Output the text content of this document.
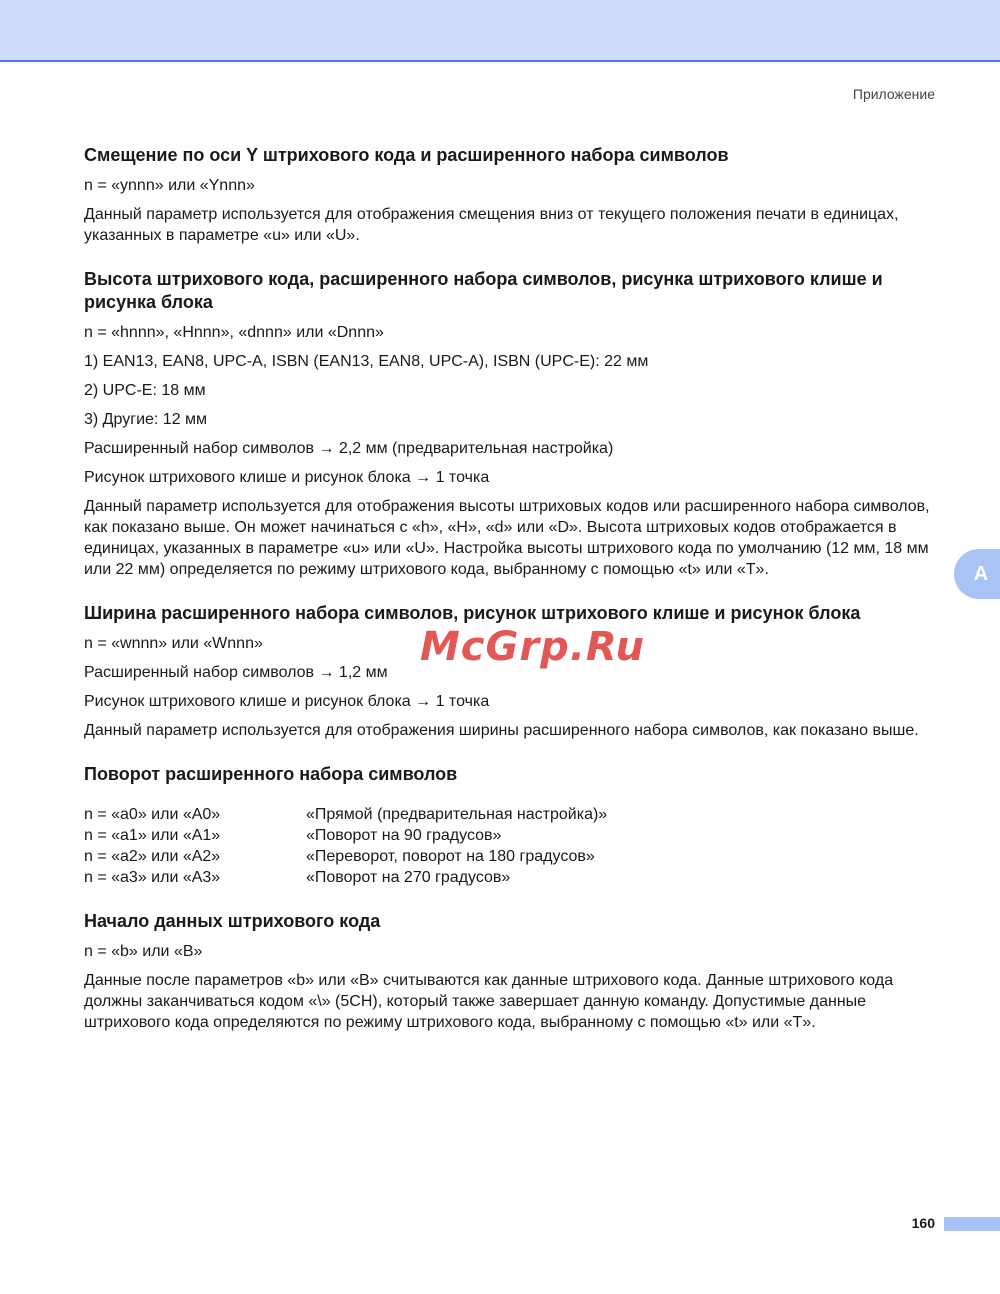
Приложение
Смещение по оси Y штрихового кода и расширенного набора символов

n = «ynnn» или «Ynnn»

Данный параметр используется для отображения смещения вниз от текущего положения печати в единицах, указанных в параметре «u» или «U».

Высота штрихового кода, расширенного набора символов, рисунка штрихового клише и рисунка блока

n = «hnnn», «Hnnn», «dnnn» или «Dnnn»

1) EAN13, EAN8, UPC-A, ISBN (EAN13, EAN8, UPC-A), ISBN (UPC-E): 22 мм

2) UPC-E: 18 мм

3) Другие: 12 мм

Расширенный набор символов → 2,2 мм (предварительная настройка)

Рисунок штрихового клише и рисунок блока → 1 точка

Данный параметр используется для отображения высоты штриховых кодов или расширенного набора символов, как показано выше. Он может начинаться с «h», «H», «d» или «D». Высота штриховых кодов отображается в единицах, указанных в параметре «u» или «U». Настройка высоты штрихового кода по умолчанию (12 мм, 18 мм или 22 мм) определяется по режиму штрихового кода, выбранному с помощью «t» или «T».

Ширина расширенного набора символов, рисунок штрихового клише и рисунок блока

n = «wnnn» или «Wnnn»

Расширенный набор символов → 1,2 мм

Рисунок штрихового клише и рисунок блока → 1 точка

Данный параметр используется для отображения ширины расширенного набора символов, как показано выше.

Поворот расширенного набора символов
n = «a0» или «A0»	«Прямой (предварительная настройка)»
n = «a1» или «A1»	«Поворот на 90 градусов»
n = «a2» или «A2»	«Переворот, поворот на 180 градусов»
n = «a3» или «A3»	«Поворот на 270 градусов»
Начало данных штрихового кода

n = «b» или «B»

Данные после параметров «b» или «B» считываются как данные штрихового кода. Данные штрихового кода должны заканчиваться кодом «\» (5CH), который также завершает данную команду. Допустимые данные штрихового кода определяются по режиму штрихового кода, выбранному с помощью «t» или «T».

A
McGrp.Ru
160
